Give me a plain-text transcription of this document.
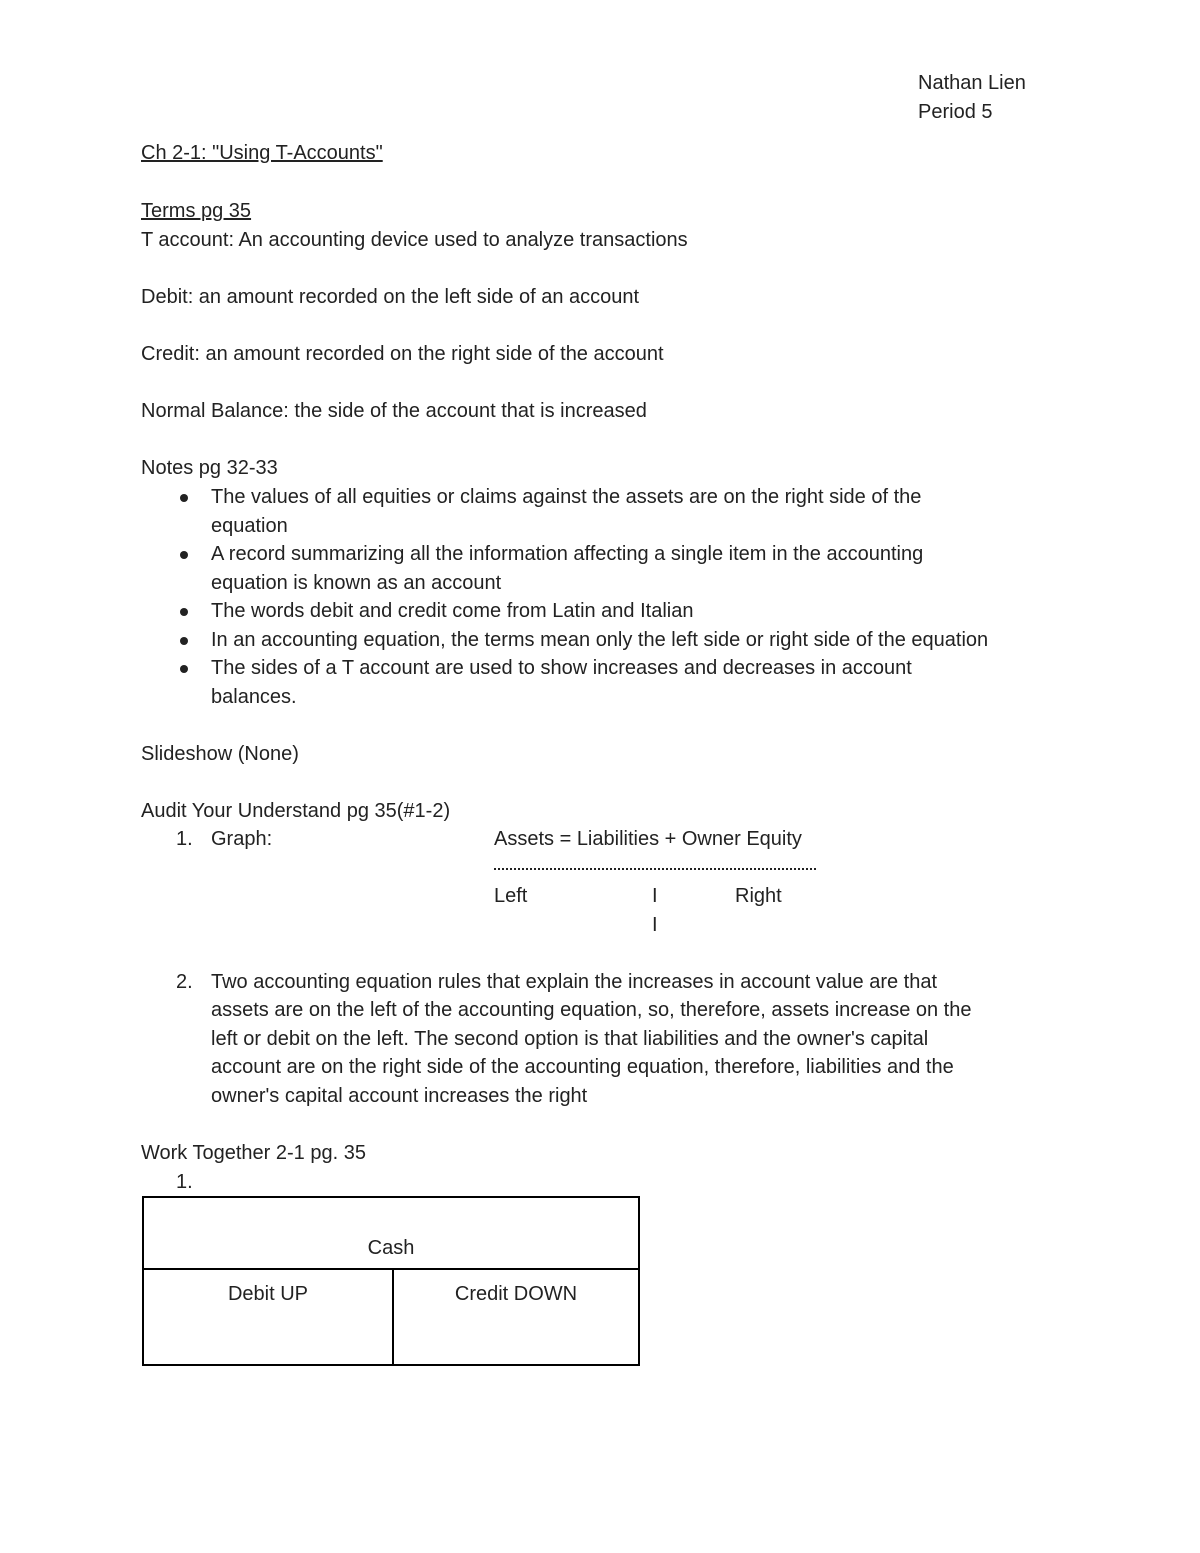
Nathan Lien
Period 5
Ch 2-1: "Using T-Accounts"
Terms pg 35
T account: An accounting device used to analyze transactions
Debit: an amount recorded on the left side of an account
Credit: an amount recorded on the right side of the account
Normal Balance: the side of the account that is increased
Notes pg 32-33
The values of all equities or claims against the assets are on the right side of the
equation
A record summarizing all the information affecting a single item in the accounting
equation is known as an account
The words debit and credit come from Latin and Italian
In an accounting equation, the terms mean only the left side or right side of the equation
The sides of a T account are used to show increases and decreases in account
balances.
Slideshow (None)
Audit Your Understand pg 35(#1-2)
1. Graph:	Assets = Liabilities + Owner Equity
Left	I	Right
I
2. Two accounting equation rules that explain the increases in account value are that
assets are on the left of the accounting equation, so, therefore, assets increase on the
left or debit on the left. The second option is that liabilities and the owner's capital
account are on the right side of the accounting equation, therefore, liabilities and the
owner's capital account increases the right
Work Together 2-1 pg. 35
1.
Cash
Debit UP	Credit DOWN
